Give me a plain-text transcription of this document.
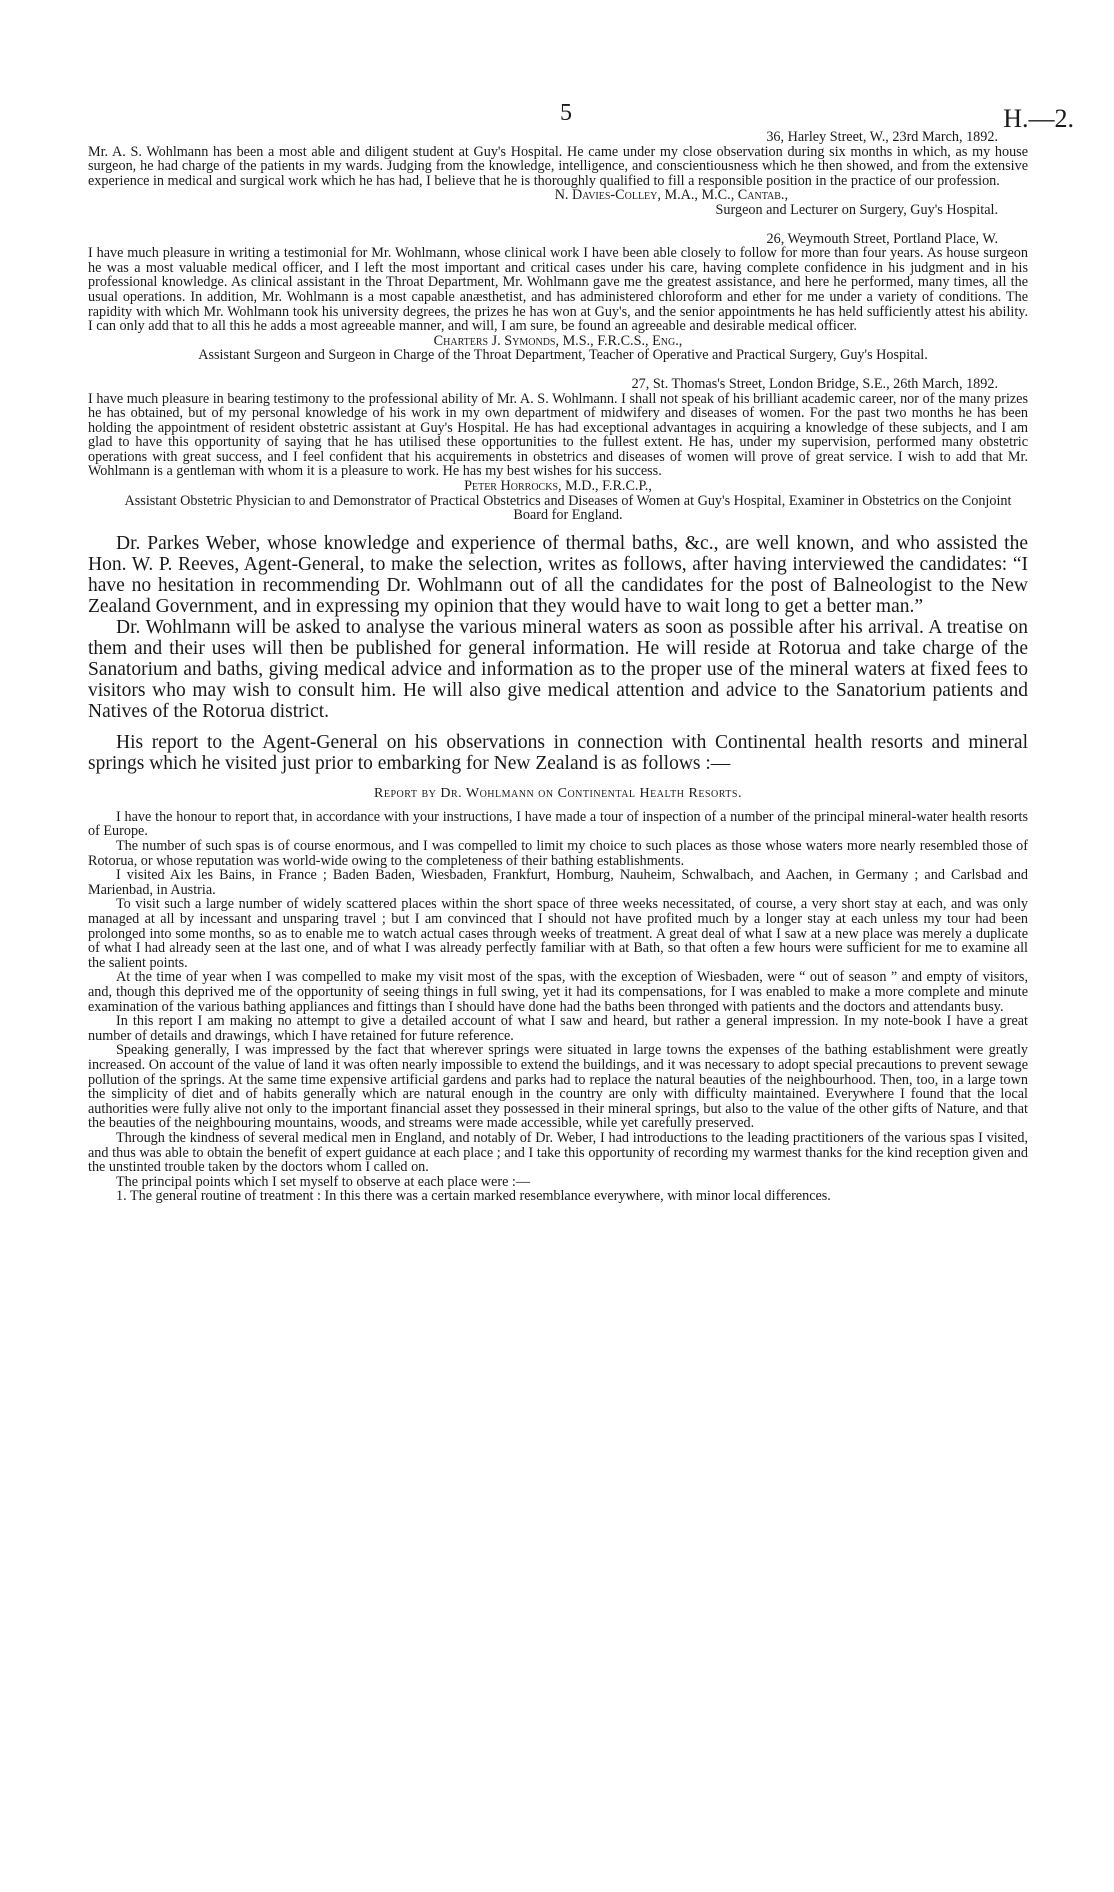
5	H.—2.

36, Harley Street, W., 23rd March, 1892.

Mr. A. S. Wohlmann has been a most able and diligent student at Guy's Hospital. He came under my close observation during six months in which, as my house surgeon, he had charge of the patients in my wards. Judging from the knowledge, intelligence, and conscientiousness which he then showed, and from the extensive experience in medical and surgical work which he has had, I believe that he is thoroughly qualified to fill a responsible position in the practice of our profession.

N. Davies-Colley, M.A., M.C., Cantab.,

Surgeon and Lecturer on Surgery, Guy's Hospital.

26, Weymouth Street, Portland Place, W.

I have much pleasure in writing a testimonial for Mr. Wohlmann, whose clinical work I have been able closely to follow for more than four years. As house surgeon he was a most valuable medical officer, and I left the most important and critical cases under his care, having complete confidence in his judgment and in his professional knowledge. As clinical assistant in the Throat Department, Mr. Wohlmann gave me the greatest assistance, and here he performed, many times, all the usual operations. In addition, Mr. Wohlmann is a most capable anæsthetist, and has administered chloroform and ether for me under a variety of conditions. The rapidity with which Mr. Wohlmann took his university degrees, the prizes he has won at Guy's, and the senior appointments he has held sufficiently attest his ability. I can only add that to all this he adds a most agreeable manner, and will, I am sure, be found an agreeable and desirable medical officer.

Charters J. Symonds, M.S., F.R.C.S., Eng.,

Assistant Surgeon and Surgeon in Charge of the Throat Department, Teacher of Operative and Practical Surgery, Guy's Hospital.

27, St. Thomas's Street, London Bridge, S.E., 26th March, 1892.

I have much pleasure in bearing testimony to the professional ability of Mr. A. S. Wohlmann. I shall not speak of his brilliant academic career, nor of the many prizes he has obtained, but of my personal knowledge of his work in my own department of midwifery and diseases of women. For the past two months he has been holding the appointment of resident obstetric assistant at Guy's Hospital. He has had exceptional advantages in acquiring a knowledge of these subjects, and I am glad to have this opportunity of saying that he has utilised these opportunities to the fullest extent. He has, under my supervision, performed many obstetric operations with great success, and I feel confident that his acquirements in obstetrics and diseases of women will prove of great service. I wish to add that Mr. Wohlmann is a gentleman with whom it is a pleasure to work. He has my best wishes for his success.

Peter Horrocks, M.D., F.R.C.P.,

Assistant Obstetric Physician to and Demonstrator of Practical Obstetrics and Diseases of Women at Guy's Hospital, Examiner in Obstetrics on the Conjoint Board for England.

Dr. Parkes Weber, whose knowledge and experience of thermal baths, &c., are well known, and who assisted the Hon. W. P. Reeves, Agent-General, to make the selection, writes as follows, after having interviewed the candidates: “I have no hesitation in recommending Dr. Wohlmann out of all the candidates for the post of Balneologist to the New Zealand Government, and in expressing my opinion that they would have to wait long to get a better man.”

Dr. Wohlmann will be asked to analyse the various mineral waters as soon as possible after his arrival. A treatise on them and their uses will then be published for general information. He will reside at Rotorua and take charge of the Sanatorium and baths, giving medical advice and information as to the proper use of the mineral waters at fixed fees to visitors who may wish to consult him. He will also give medical attention and advice to the Sanatorium patients and Natives of the Rotorua district.

His report to the Agent-General on his observations in connection with Continental health resorts and mineral springs which he visited just prior to embarking for New Zealand is as follows :—

Report by Dr. Wohlmann on Continental Health Resorts.

I have the honour to report that, in accordance with your instructions, I have made a tour of inspection of a number of the principal mineral-water health resorts of Europe.

The number of such spas is of course enormous, and I was compelled to limit my choice to such places as those whose waters more nearly resembled those of Rotorua, or whose reputation was world-wide owing to the completeness of their bathing establishments.

I visited Aix les Bains, in France ; Baden Baden, Wiesbaden, Frankfurt, Homburg, Nauheim, Schwalbach, and Aachen, in Germany ; and Carlsbad and Marienbad, in Austria.

To visit such a large number of widely scattered places within the short space of three weeks necessitated, of course, a very short stay at each, and was only managed at all by incessant and unsparing travel ; but I am convinced that I should not have profited much by a longer stay at each unless my tour had been prolonged into some months, so as to enable me to watch actual cases through weeks of treatment. A great deal of what I saw at a new place was merely a duplicate of what I had already seen at the last one, and of what I was already perfectly familiar with at Bath, so that often a few hours were sufficient for me to examine all the salient points.

At the time of year when I was compelled to make my visit most of the spas, with the exception of Wiesbaden, were “ out of season ” and empty of visitors, and, though this deprived me of the opportunity of seeing things in full swing, yet it had its compensations, for I was enabled to make a more complete and minute examination of the various bathing appliances and fittings than I should have done had the baths been thronged with patients and the doctors and attendants busy.

In this report I am making no attempt to give a detailed account of what I saw and heard, but rather a general impression. In my note-book I have a great number of details and drawings, which I have retained for future reference.

Speaking generally, I was impressed by the fact that wherever springs were situated in large towns the expenses of the bathing establishment were greatly increased. On account of the value of land it was often nearly impossible to extend the buildings, and it was necessary to adopt special precautions to prevent sewage pollution of the springs. At the same time expensive artificial gardens and parks had to replace the natural beauties of the neighbourhood. Then, too, in a large town the simplicity of diet and of habits generally which are natural enough in the country are only with difficulty maintained. Everywhere I found that the local authorities were fully alive not only to the important financial asset they possessed in their mineral springs, but also to the value of the other gifts of Nature, and that the beauties of the neighbouring mountains, woods, and streams were made accessible, while yet carefully preserved.

Through the kindness of several medical men in England, and notably of Dr. Weber, I had introductions to the leading practitioners of the various spas I visited, and thus was able to obtain the benefit of expert guidance at each place ; and I take this opportunity of recording my warmest thanks for the kind reception given and the unstinted trouble taken by the doctors whom I called on.

The principal points which I set myself to observe at each place were :—

1. The general routine of treatment : In this there was a certain marked resemblance everywhere, with minor local differences.
